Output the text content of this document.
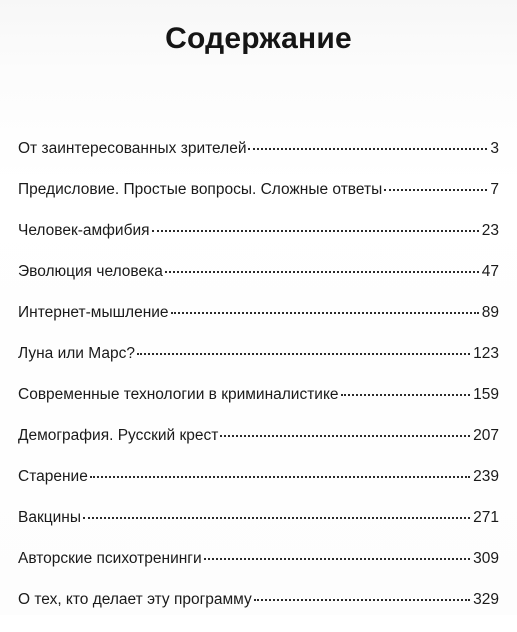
Содержание
От заинтересованных зрителей	3
Предисловие. Простые вопросы. Сложные ответы	7
Человек-амфибия	23
Эволюция человека	47
Интернет-мышление	89
Луна или Марс?	123
Современные технологии в криминалистике	159
Демография. Русский крест	207
Старение	239
Вакцины	271
Авторские психотренинги	309
О тех, кто делает эту программу	329
